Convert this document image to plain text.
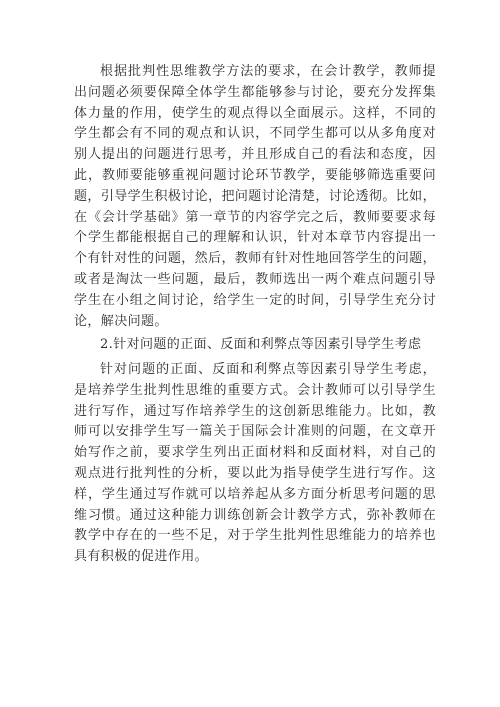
根据批判性思维教学方法的要求，在会计教学，教师提
出问题必须要保障全体学生都能够参与讨论，要充分发挥集
体力量的作用，使学生的观点得以全面展示。这样，不同的
学生都会有不同的观点和认识，不同学生都可以从多角度对
别人提出的问题进行思考，并且形成自己的看法和态度，因
此，教师要能够重视问题讨论环节教学，要能够筛选重要问
题，引导学生积极讨论，把问题讨论清楚，讨论透彻。比如，
在《会计学基础》第一章节的内容学完之后，教师要要求每
个学生都能根据自己的理解和认识，针对本章节内容提出一
个有针对性的问题，然后，教师有针对性地回答学生的问题，
或者是淘汰一些问题，最后，教师选出一两个难点问题引导
学生在小组之间讨论，给学生一定的时间，引导学生充分讨
论，解决问题。
2.针对问题的正面、反面和利弊点等因素引导学生考虑
针对问题的正面、反面和利弊点等因素引导学生考虑，
是培养学生批判性思维的重要方式。会计教师可以引导学生
进行写作，通过写作培养学生的这创新思维能力。比如，教
师可以安排学生写一篇关于国际会计准则的问题，在文章开
始写作之前，要求学生列出正面材料和反面材料，对自己的
观点进行批判性的分析，要以此为指导使学生进行写作。这
样，学生通过写作就可以培养起从多方面分析思考问题的思
维习惯。通过这种能力训练创新会计教学方式，弥补教师在
教学中存在的一些不足，对于学生批判性思维能力的培养也
具有积极的促进作用。
